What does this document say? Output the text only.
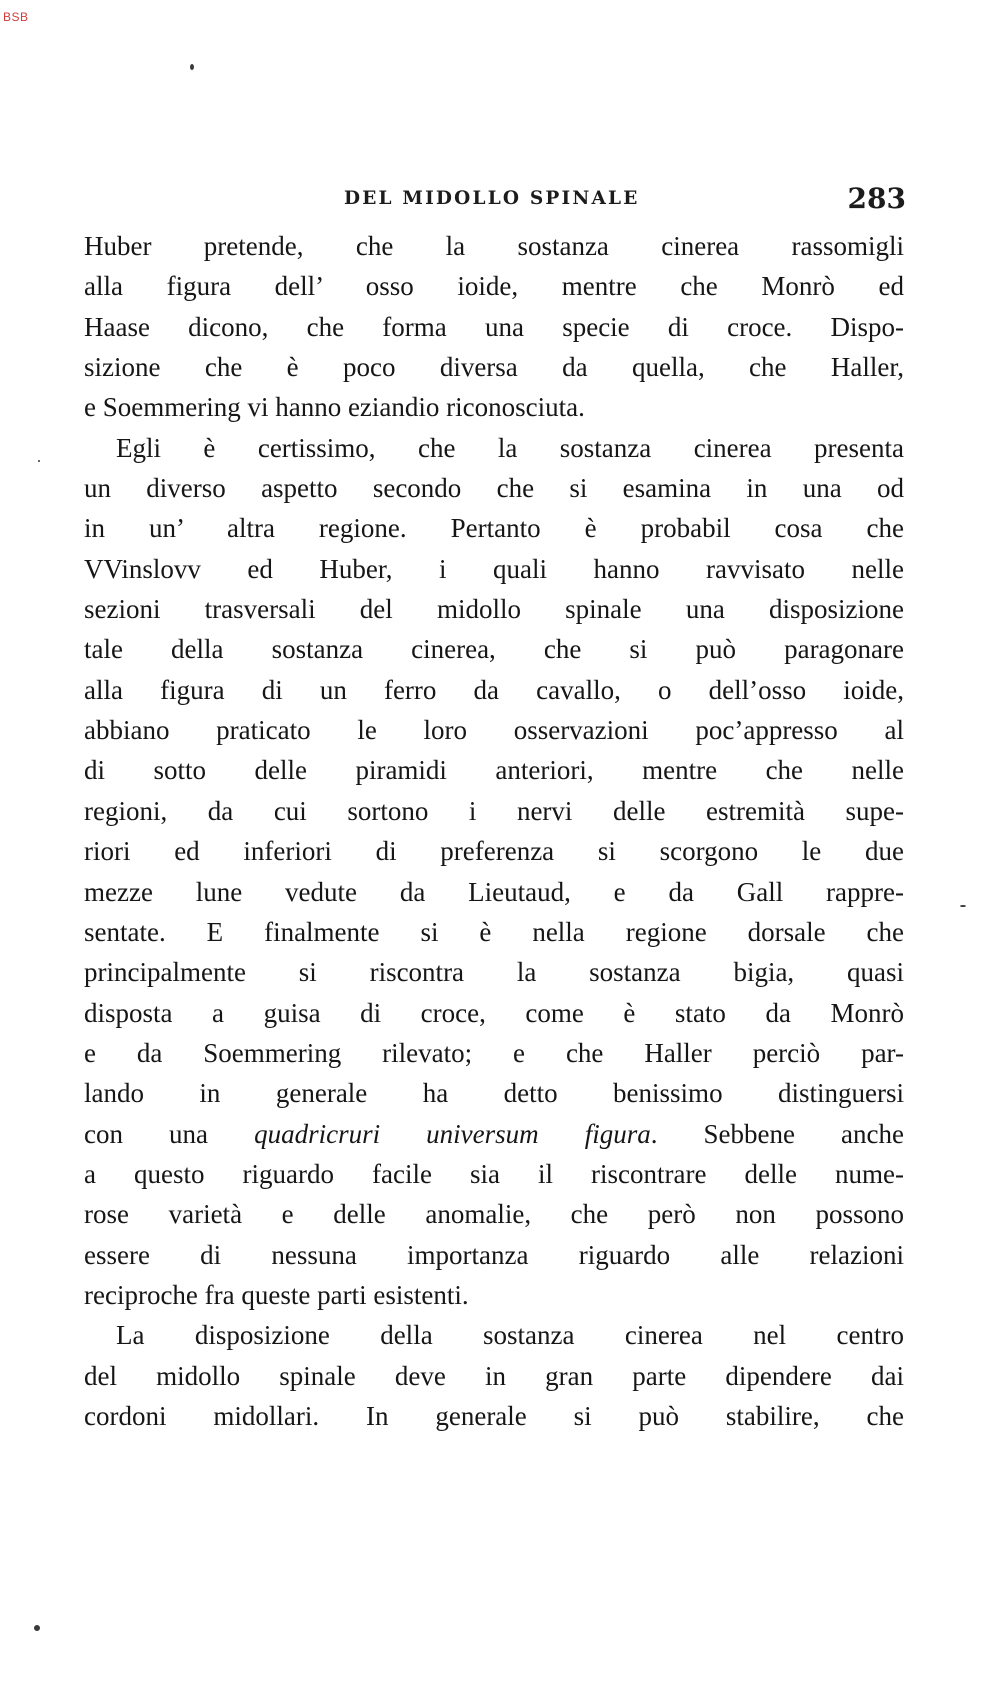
BSB
DEL MIDOLLO SPINALE	283
Huber pretende, che la sostanza cinerea rassomigli
alla figura dell’ osso ioide, mentre che Monrò ed
Haase dicono, che forma una specie di croce. Dispo-
sizione che è poco diversa da quella, che Haller,
e Soemmering vi hanno eziandio riconosciuta.
Egli è certissimo, che la sostanza cinerea presenta
un diverso aspetto secondo che si esamina in una od
in un’ altra regione. Pertanto è probabil cosa che
VVinslovv ed Huber, i quali hanno ravvisato nelle
sezioni trasversali del midollo spinale una disposizione
tale della sostanza cinerea, che si può paragonare
alla figura di un ferro da cavallo, o dell’osso ioide,
abbiano praticato le loro osservazioni poc’appresso al
di sotto delle piramidi anteriori, mentre che nelle
regioni, da cui sortono i nervi delle estremità supe-
riori ed inferiori di preferenza si scorgono le due
mezze lune vedute da Lieutaud, e da Gall rappre-
sentate. E finalmente si è nella regione dorsale che
principalmente si riscontra la sostanza bigia, quasi
disposta a guisa di croce, come è stato da Monrò
e da Soemmering rilevato; e che Haller perciò par-
lando in generale ha detto benissimo distinguersi
con una quadricruri universum figura. Sebbene anche
a questo riguardo facile sia il riscontrare delle nume-
rose varietà e delle anomalie, che però non possono
essere di nessuna importanza riguardo alle relazioni
reciproche fra queste parti esistenti.
La disposizione della sostanza cinerea nel centro
del midollo spinale deve in gran parte dipendere dai
cordoni midollari. In generale si può stabilire, che
